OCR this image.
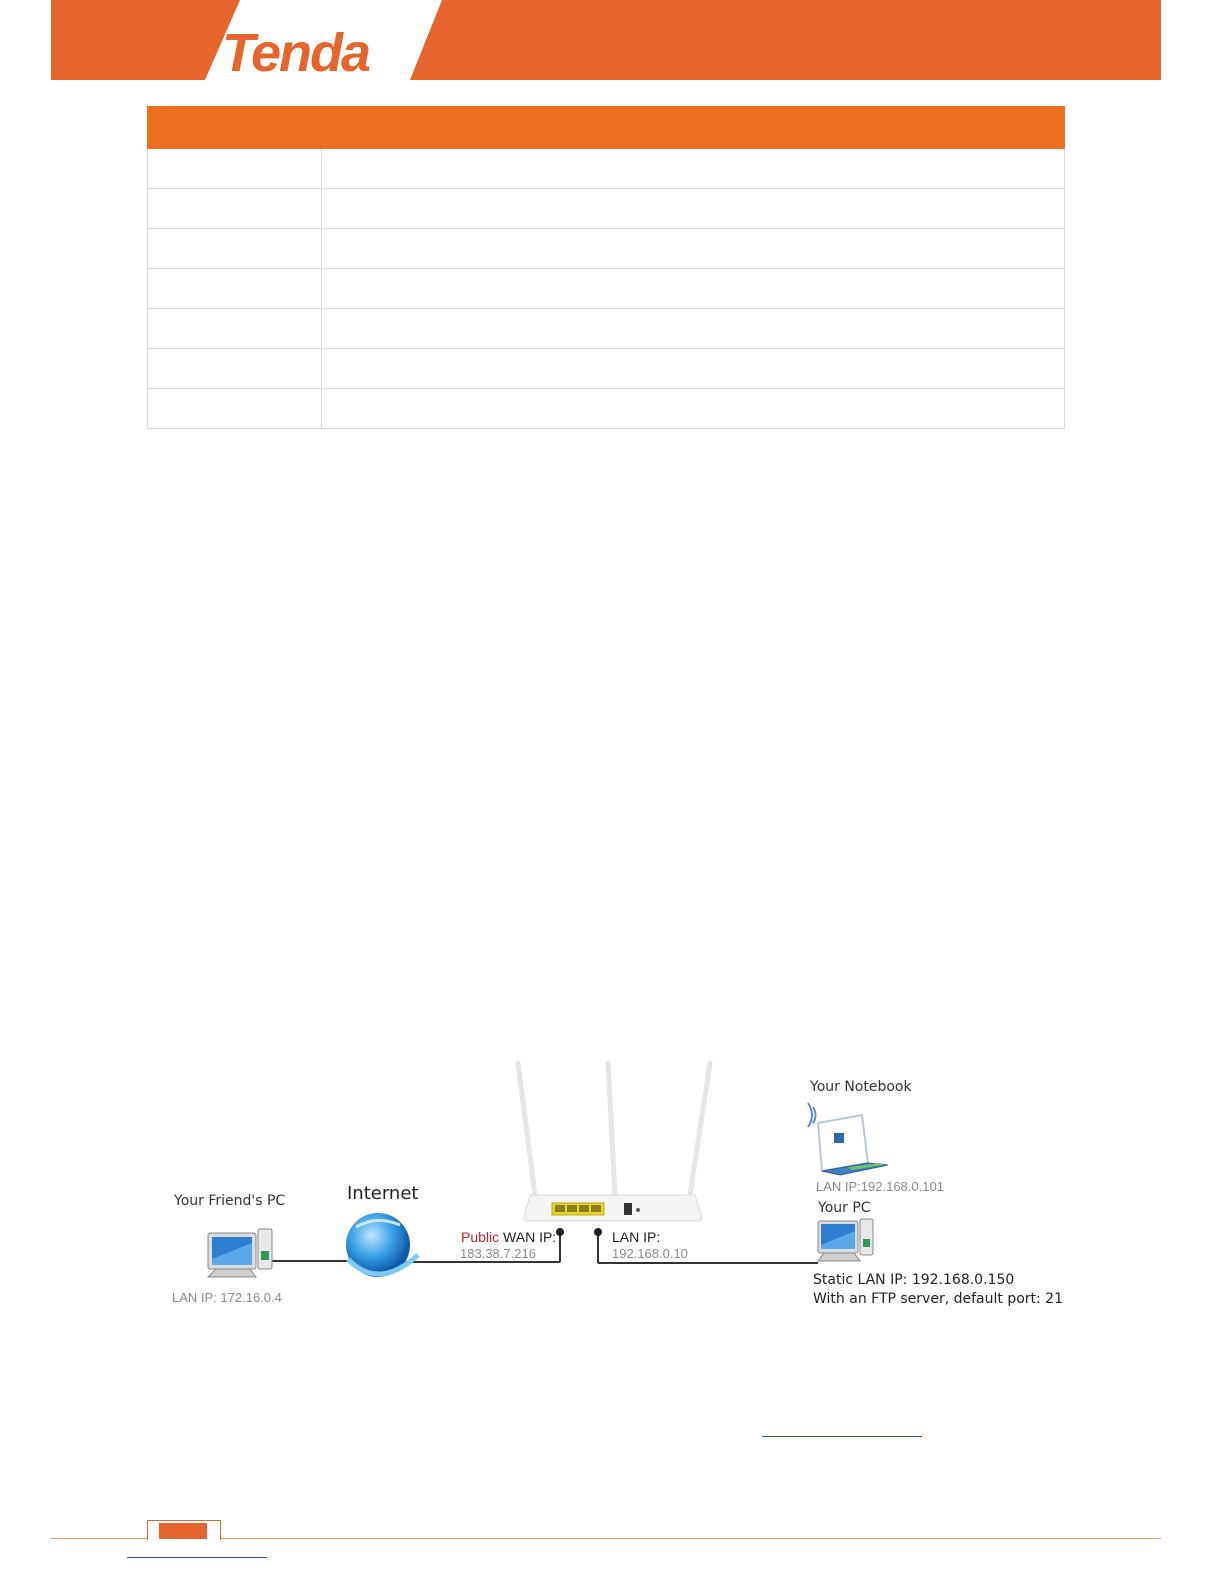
Tenda

Your Friend's PC
LAN IP: 172.16.0.4
Internet
Public WAN IP:
183.38.7.216
LAN IP:
192.168.0.10
Your Notebook
LAN IP:192.168.0.101
Your PC
Static LAN IP: 192.168.0.150
With an FTP server, default port: 21
